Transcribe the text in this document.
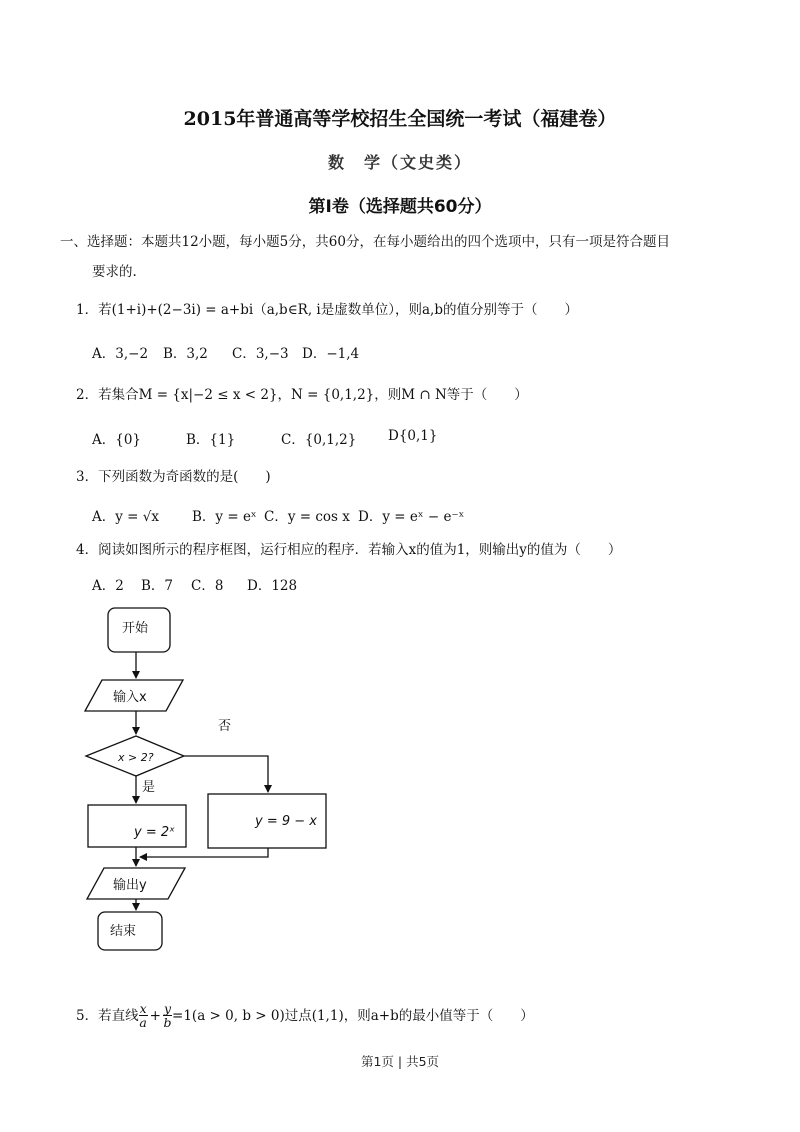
2015年普通高等学校招生全国统一考试（福建卷）
数　学（文史类）
第I卷（选择题共60分）
一、选择题：本题共12小题，每小题5分，共60分，在每小题给出的四个选项中，只有一项是符合题目
要求的.
1．若(1+i)+(2−3i) = a+bi（a,b∈R, i是虚数单位），则a,b的值分别等于（　　）
A．3,−2 B．3,2 C．3,−3 D．−1,4
2．若集合M = {x|−2 ≤ x < 2}，N = {0,1,2}，则M ∩ N等于（　　）
A．{0}	B．{1}	C．{0,1,2} D{0,1}
3．下列函数为奇函数的是(　　)
A．y = √x B．y = eˣ C．y = cos x D．y = eˣ − e⁻ˣ
4．阅读如图所示的程序框图，运行相应的程序．若输入x的值为1，则输出y的值为（　　）
A．2 B．7 C．8 D．128
开始
输入x
x > 2?
否
是
y = 2ˣ
y = 9 − x
输出y
结束
5．若直线 $\frac{x}{a} + \frac{y}{b} =1(a > 0$, b > 0)过点(1,1)，则a+b的最小值等于（　　）
第1页 | 共5页
